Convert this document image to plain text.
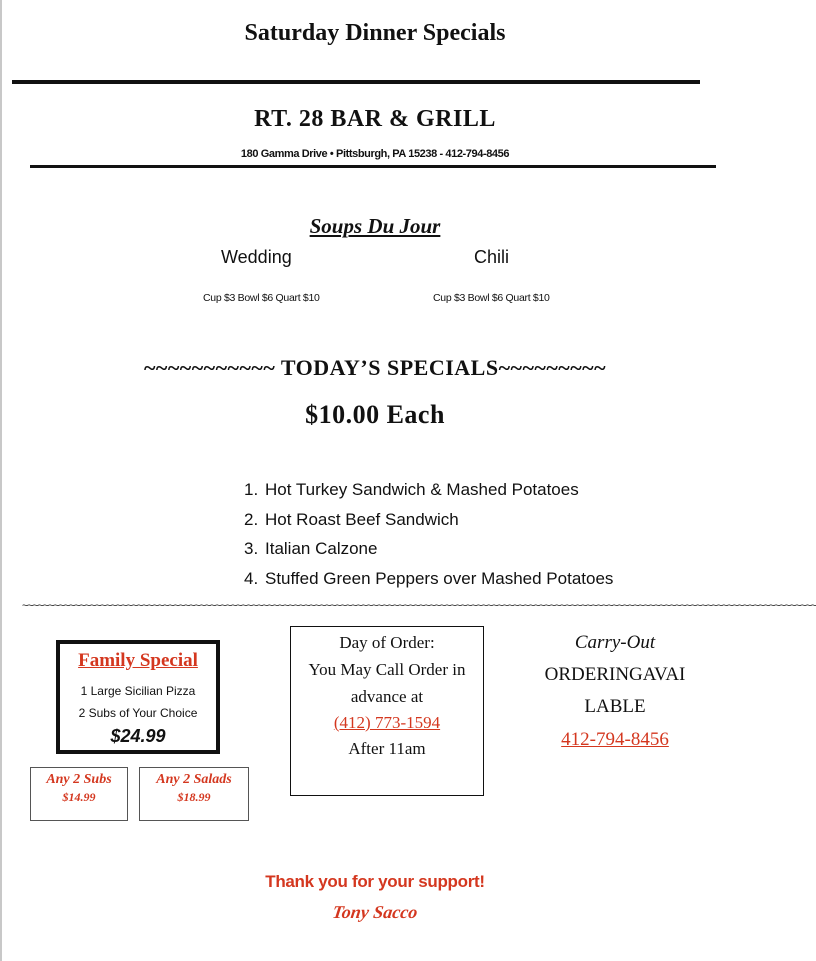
Saturday Dinner Specials
RT. 28 BAR & GRILL
180 Gamma Drive • Pittsburgh, PA 15238 - 412-794-8456
Soups Du Jour
Wedding	Chili
Cup $3 Bowl $6 Quart $10	Cup $3 Bowl $6 Quart $10
~~~~~~~~~~~ TODAY’S SPECIALS~~~~~~~~~
$10.00 Each
1. Hot Turkey Sandwich & Mashed Potatoes
2. Hot Roast Beef Sandwich
3. Italian Calzone
4. Stuffed Green Peppers over Mashed Potatoes
~~~~~~~~~~~~~~~~~~~~~~~~~~~~~~~~~~~~~~~~~~~~~~~~~~~~~~~~~~~~~~~~~~~~~~~~~~~~~~~~~~~~~~~~~~~~~~~~~~~~~~~~~~~~~~~~~~~~~~~~~~~~~~~~~~~~~~~~~~~~~~~~~~~~~~~~
Family Special
1 Large Sicilian Pizza
2 Subs of Your Choice
$24.99
Any 2 Subs
$14.99
Any 2 Salads
$18.99
Day of Order:
You May Call Order in
advance at
(412) 773-1594
After 11am
Carry-Out
ORDERINGAVAI
LABLE
412-794-8456
Thank you for your support!
Tony Sacco
